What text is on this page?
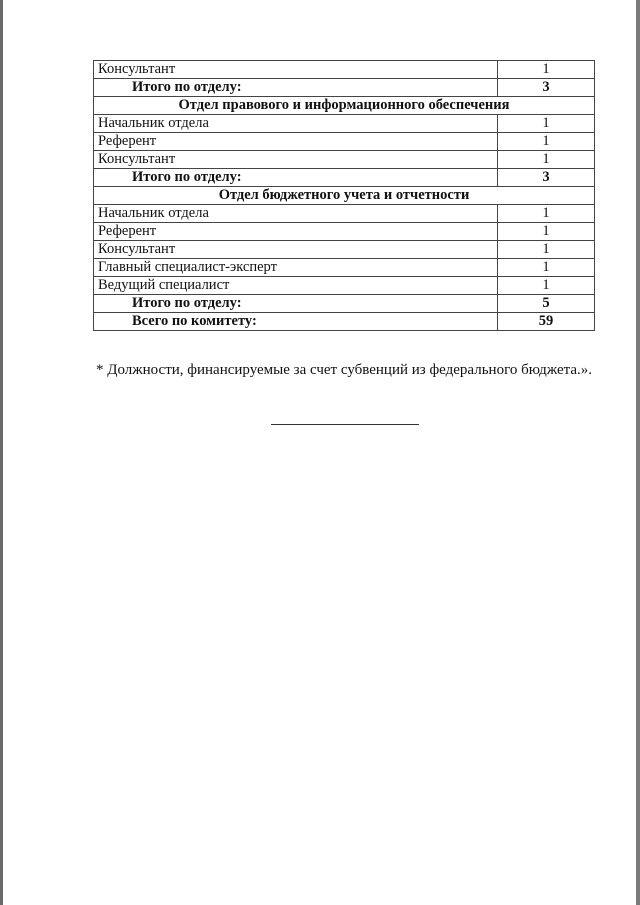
Консультант	1
Итого по отделу:	3
Отдел правового и информационного обеспечения	
Начальник отдела	1
Референт	1
Консультант	1
Итого по отделу:	3
Отдел бюджетного учета и отчетности	
Начальник отдела	1
Референт	1
Консультант	1
Главный специалист-эксперт	1
Ведущий специалист	1
Итого по отделу:	5
Всего по комитету:	59
* Должности, финансируемые за счет субвенций из федерального бюджета.».
